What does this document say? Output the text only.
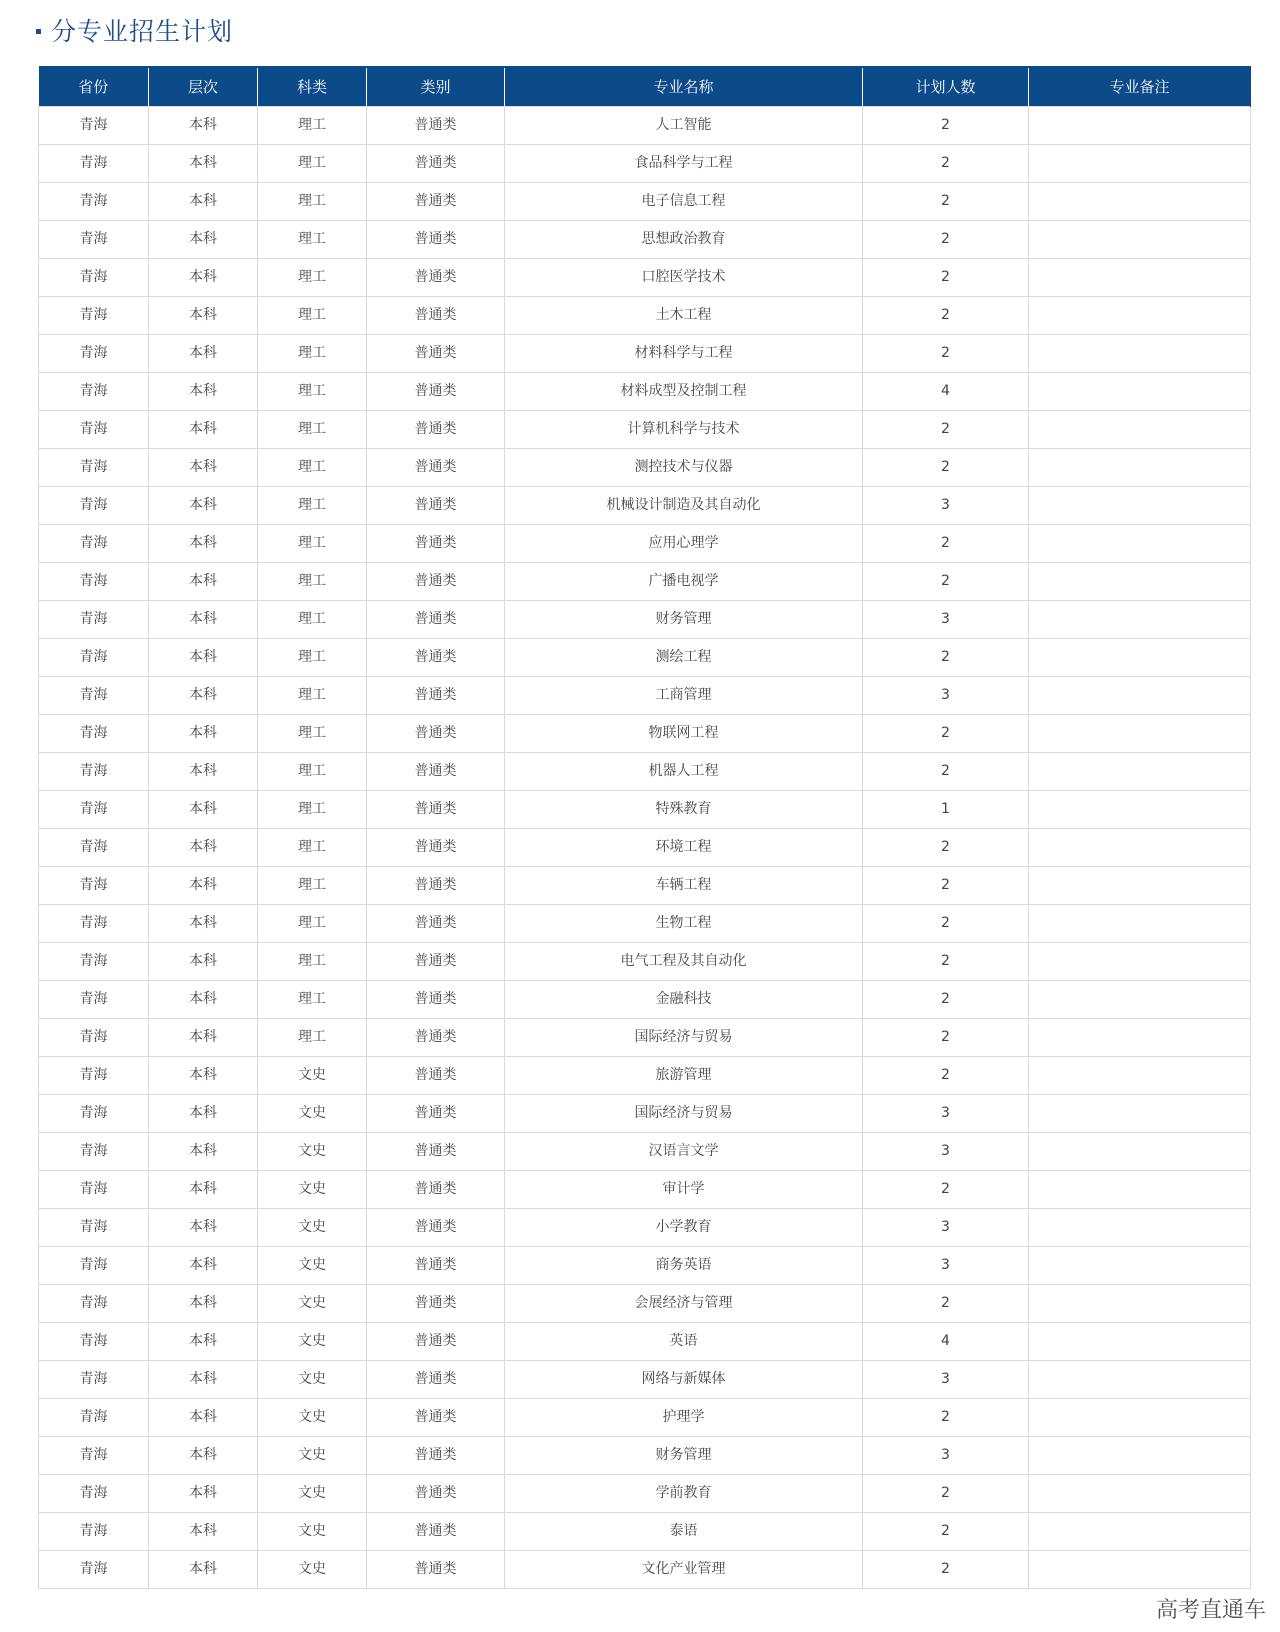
分专业招生计划
省份	层次	科类	类别	专业名称	计划人数	专业备注
青海	本科	理工	普通类	人工智能	2	
青海	本科	理工	普通类	食品科学与工程	2	
青海	本科	理工	普通类	电子信息工程	2	
青海	本科	理工	普通类	思想政治教育	2	
青海	本科	理工	普通类	口腔医学技术	2	
青海	本科	理工	普通类	土木工程	2	
青海	本科	理工	普通类	材料科学与工程	2	
青海	本科	理工	普通类	材料成型及控制工程	4	
青海	本科	理工	普通类	计算机科学与技术	2	
青海	本科	理工	普通类	测控技术与仪器	2	
青海	本科	理工	普通类	机械设计制造及其自动化	3	
青海	本科	理工	普通类	应用心理学	2	
青海	本科	理工	普通类	广播电视学	2	
青海	本科	理工	普通类	财务管理	3	
青海	本科	理工	普通类	测绘工程	2	
青海	本科	理工	普通类	工商管理	3	
青海	本科	理工	普通类	物联网工程	2	
青海	本科	理工	普通类	机器人工程	2	
青海	本科	理工	普通类	特殊教育	1	
青海	本科	理工	普通类	环境工程	2	
青海	本科	理工	普通类	车辆工程	2	
青海	本科	理工	普通类	生物工程	2	
青海	本科	理工	普通类	电气工程及其自动化	2	
青海	本科	理工	普通类	金融科技	2	
青海	本科	理工	普通类	国际经济与贸易	2	
青海	本科	文史	普通类	旅游管理	2	
青海	本科	文史	普通类	国际经济与贸易	3	
青海	本科	文史	普通类	汉语言文学	3	
青海	本科	文史	普通类	审计学	2	
青海	本科	文史	普通类	小学教育	3	
青海	本科	文史	普通类	商务英语	3	
青海	本科	文史	普通类	会展经济与管理	2	
青海	本科	文史	普通类	英语	4	
青海	本科	文史	普通类	网络与新媒体	3	
青海	本科	文史	普通类	护理学	2	
青海	本科	文史	普通类	财务管理	3	
青海	本科	文史	普通类	学前教育	2	
青海	本科	文史	普通类	泰语	2	
青海	本科	文史	普通类	文化产业管理	2	
高考直通车
